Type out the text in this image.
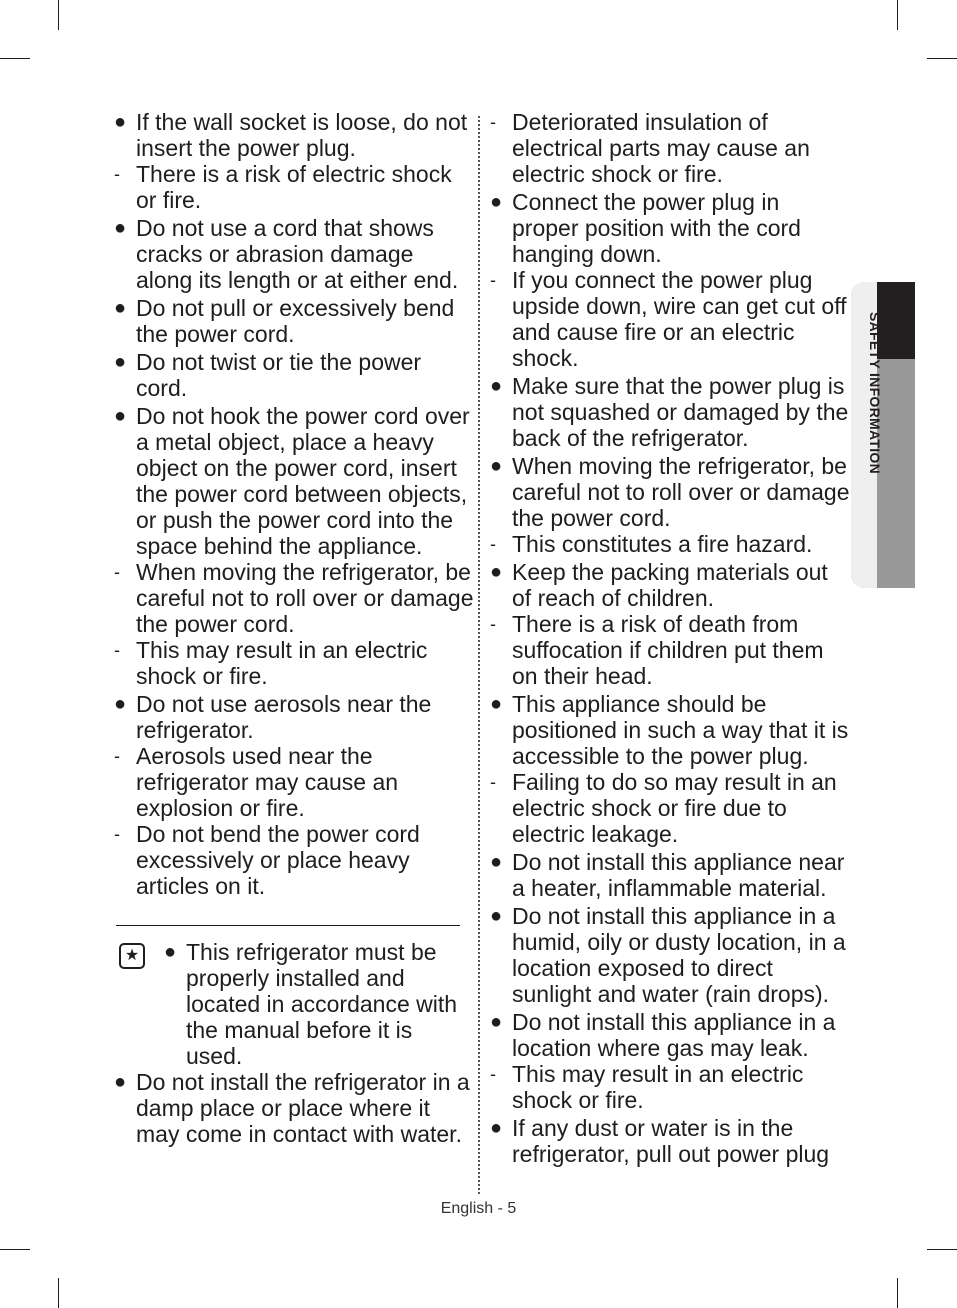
● If the wall socket is loose, do not insert the power plug.
- There is a risk of electric shock or fire.
● Do not use a cord that shows cracks or abrasion damage along its length or at either end.
● Do not pull or excessively bend the power cord.
● Do not twist or tie the power cord.
● Do not hook the power cord over a metal object, place a heavy object on the power cord, insert the power cord between objects, or push the power cord into the space behind the appliance.
- When moving the refrigerator, be careful not to roll over or damage the power cord.
- This may result in an electric shock or fire.
● Do not use aerosols near the refrigerator.
- Aerosols used near the refrigerator may cause an explosion or fire.
- Do not bend the power cord excessively or place heavy articles on it.
★ ● This refrigerator must be properly installed and located in accordance with the manual before it is used.
● Do not install the refrigerator in a damp place or place where it may come in contact with water.
- Deteriorated insulation of electrical parts may cause an electric shock or fire.
● Connect the power plug in proper position with the cord hanging down.
- If you connect the power plug upside down, wire can get cut off and cause fire or an electric shock.
● Make sure that the power plug is not squashed or damaged by the back of the refrigerator.
● When moving the refrigerator, be careful not to roll over or damage the power cord.
- This constitutes a fire hazard.
● Keep the packing materials out of reach of children.
- There is a risk of death from suffocation if children put them on their head.
● This appliance should be positioned in such a way that it is accessible to the power plug.
- Failing to do so may result in an electric shock or fire due to electric leakage.
● Do not install this appliance near a heater, inflammable material.
● Do not install this appliance in a humid, oily or dusty location, in a location exposed to direct sunlight and water (rain drops).
● Do not install this appliance in a location where gas may leak.
- This may result in an electric shock or fire.
● If any dust or water is in the refrigerator, pull out power plug
SAFETY INFORMATION
English - 5
